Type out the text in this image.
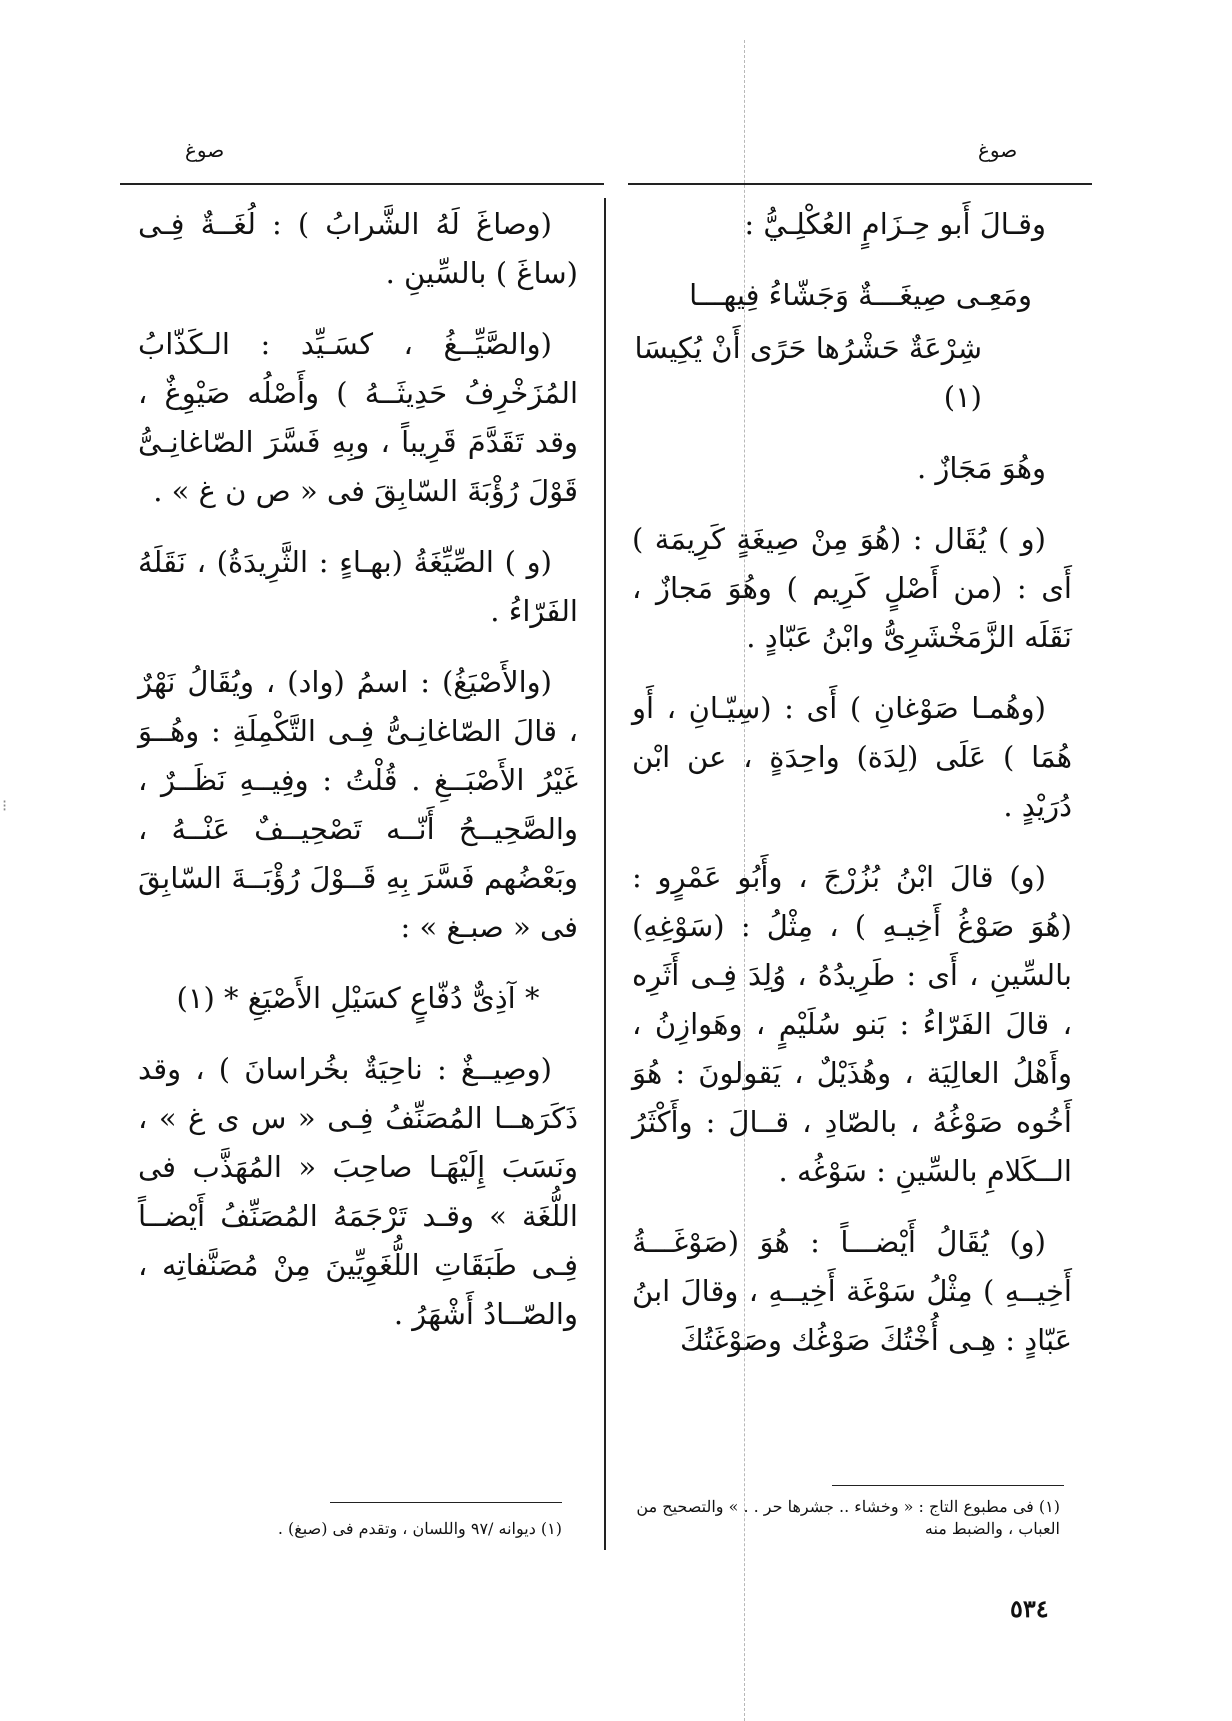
⁝
صوغ
صوغ

وقـالَ أَبو حِـزَامٍ العُكْلِـيُّ :

ومَعِـى صِيغَـــةٌ وَجَشّاءُ فِيهـــا

شِرْعَةٌ حَشْرُها حَرًى أَنْ يُكِيسَا (١)

وهُوَ مَجَازٌ .

(و ) يُقَال : (هُوَ مِنْ صِيغَةٍ كَرِيمَة ) أَى : (من أَصْلٍ كَرِيم ) وهُوَ مَجازٌ ، نَقَلَه الزَّمَخْشَرِىُّ وابْنُ عَبّادٍ .

(وهُمـا صَوْغانِ ) أَى : (سِيّـانِ ، أَو هُمَا ) عَلَى (لِدَة) واحِدَةٍ ، عن ابْن دُرَيْدٍ .

(و) قالَ ابْنُ بُزُرْجَ ، وأَبُو عَمْرٍو : (هُوَ صَوْغُ أَخِيـهِ ) ، مِثْلُ : (سَوْغِهِ) بالسِّينِ ، أَى : طَرِيدُهُ ، وُلِدَ فِـى أَثَرِه ، قالَ الفَرّاءُ : بَنو سُلَيْمٍ ، وهَوازِنُ ، وأَهْلُ العالِيَة ، وهُذَيْلٌ ، يَقولونَ : هُوَ أَخُوه صَوْغُهُ ، بالصّادِ ، قــالَ : وأَكْثَرُ الــكَلامِ بالسِّينِ : سَوْغُه .

(و) يُقَالُ أَيْضـــاً : هُوَ (صَوْغَـــةُ أَخِيــهِ ) مِثْلُ سَوْغَة أَخِيــهِ ، وقالَ ابنُ عَبّادٍ : هِـى أُخْتُكَ صَوْغُك وصَوْغَتُكَ

(وصاغَ لَهُ الشَّرابُ ) : لُغَــةٌ فِـى (ساغَ ) بالسِّينِ .

(والصَّيِّــغُ ، كسَـيِّد : الـكَذّابُ المُزَخْرِفُ حَدِيثَــهُ ) وأَصْلُه صَيْوِغٌ ، وقد تَقَدَّمَ قَرِيباً ، وبِهِ فَسَّرَ الصّاغانِـىُّ قَوْلَ رُؤْبَةَ السّابِقَ فى « ص ن غ » .

(و ) الصِّيِّغَةُ (بهـاءٍ : الثَّرِيدَةُ) ، نَقَلَهُ الفَرّاءُ .

(والأَصْيَغُ) : اسمُ (واد) ، ويُقَالُ نَهْرٌ ، قالَ الصّاغانِـىُّ فِـى التَّكْمِلَةِ : وهُــوَ غَيْرُ الأَصْبَــغِ . قُلْتُ : وفِيــهِ نَظَــرٌ ، والصَّحِيــحُ أَنّــه تَصْحِيــفٌ عَنْــهُ ، وبَعْضُهم فَسَّرَ بِهِ قَــوْلَ رُؤْبَــةَ السّابِقَ فى « صبـغ » :

* آذِىٌّ دُفّاعٍ كسَيْلِ الأَصْيَغِ * (١)

(وصِيــغٌ : ناحِيَةٌ بخُراسانَ ) ، وقد ذَكَرَهــا المُصَنِّفُ فِـى « س ى غ » ، ونَسَبَ إِلَيْهَـا صاحِبَ « المُهَذَّب فى اللُّغَة » وقـد تَرْجَمَهُ المُصَنِّفُ أَيْضــاً فِـى طَبَقَاتِ اللُّغَوِيِّينَ مِنْ مُصَنَّفاتِه ، والصّــادُ أَشْهَرُ .

(١) فى مطبوع التاج : « وخشاء .. جشرها حر . . » والتصحيح من العباب ، والضبط منه
(١) ديوانه /٩٧ واللسان ، وتقدم فى (صبغ) .
٥٣٤
